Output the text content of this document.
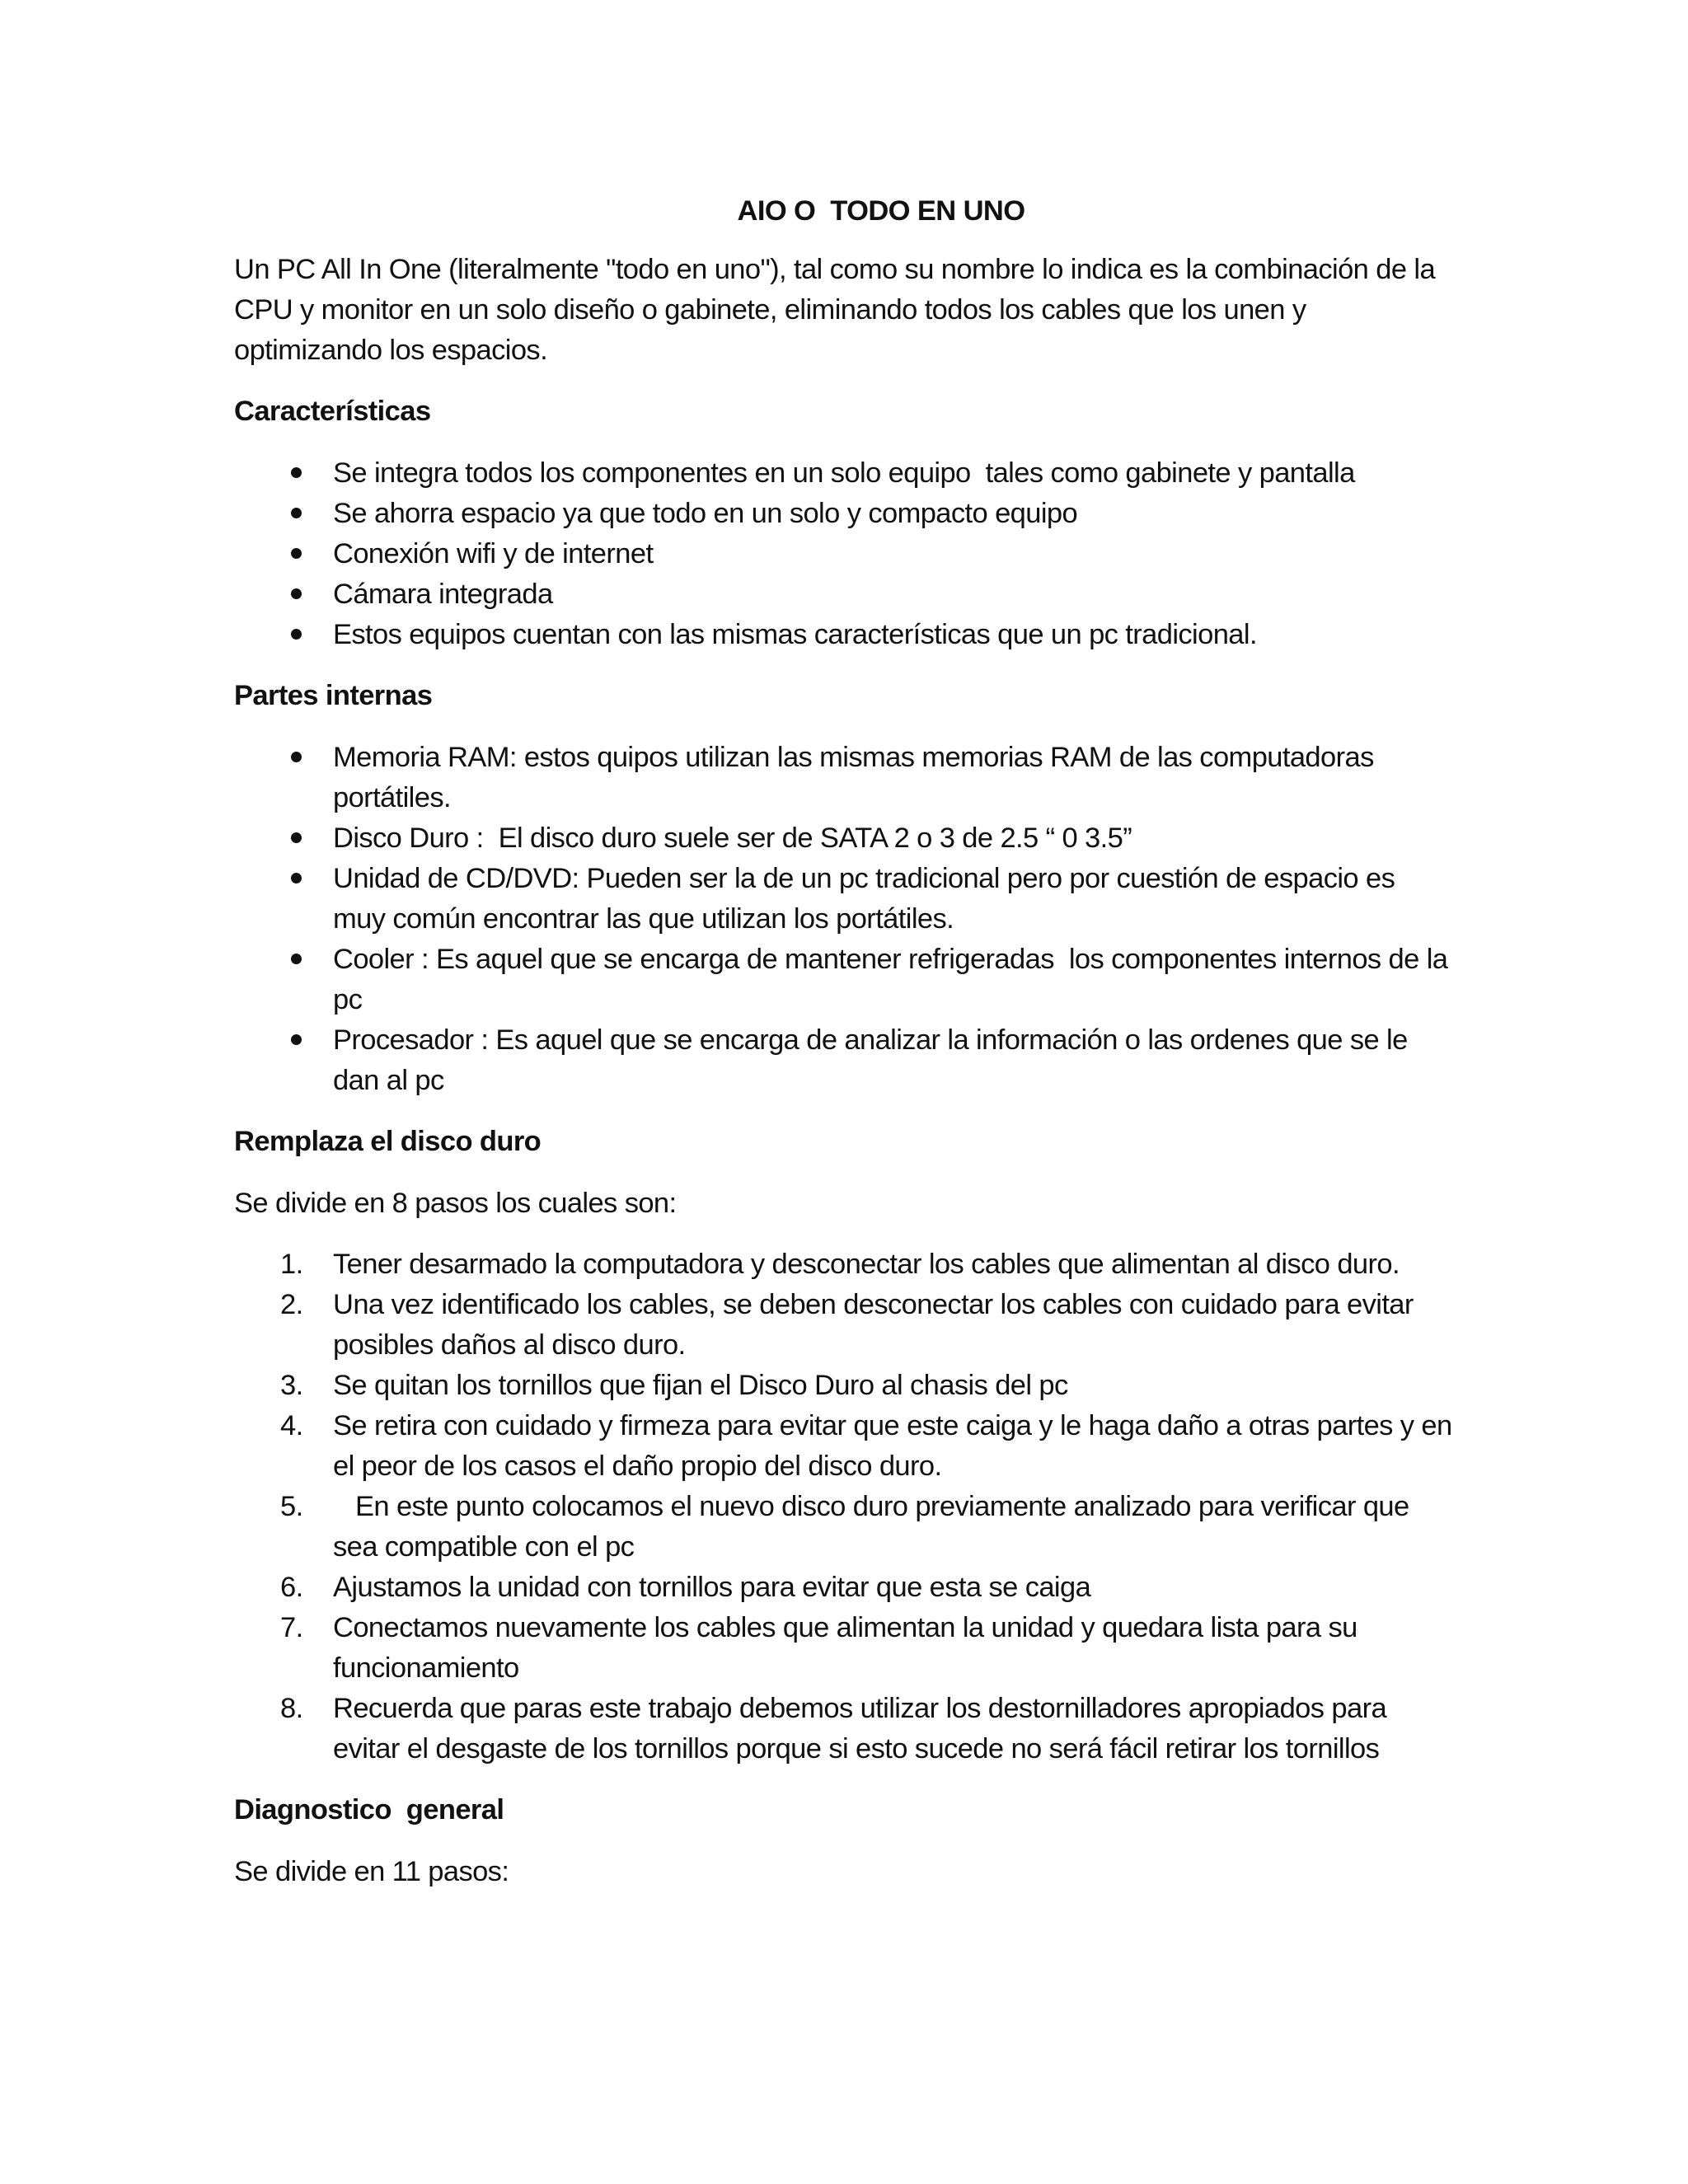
AIO O  TODO EN UNO

Un PC All In One (literalmente "todo en uno"), tal como su nombre lo indica es la combinación de la CPU y monitor en un solo diseño o gabinete, eliminando todos los cables que los unen y optimizando los espacios.

Características
Se integra todos los componentes en un solo equipo  tales como gabinete y pantalla
Se ahorra espacio ya que todo en un solo y compacto equipo
Conexión wifi y de internet
Cámara integrada
Estos equipos cuentan con las mismas características que un pc tradicional.
Partes internas
Memoria RAM: estos quipos utilizan las mismas memorias RAM de las computadoras portátiles.
Disco Duro :  El disco duro suele ser de SATA 2 o 3 de 2.5 “ 0 3.5”
Unidad de CD/DVD: Pueden ser la de un pc tradicional pero por cuestión de espacio es muy común encontrar las que utilizan los portátiles.
Cooler : Es aquel que se encarga de mantener refrigeradas  los componentes internos de la pc
Procesador : Es aquel que se encarga de analizar la información o las ordenes que se le dan al pc
Remplaza el disco duro

Se divide en 8 pasos los cuales son:

1.	Tener desarmado la computadora y desconectar los cables que alimentan al disco duro.
2.	Una vez identificado los cables, se deben desconectar los cables con cuidado para evitar posibles daños al disco duro.
3.	Se quitan los tornillos que fijan el Disco Duro al chasis del pc
4.	Se retira con cuidado y firmeza para evitar que este caiga y le haga daño a otras partes y en el peor de los casos el daño propio del disco duro.
5.	En este punto colocamos el nuevo disco duro previamente analizado para verificar que sea compatible con el pc
6.	Ajustamos la unidad con tornillos para evitar que esta se caiga
7.	Conectamos nuevamente los cables que alimentan la unidad y quedara lista para su funcionamiento
8.	Recuerda que paras este trabajo debemos utilizar los destornilladores apropiados para evitar el desgaste de los tornillos porque si esto sucede no será fácil retirar los tornillos
Diagnostico  general

Se divide en 11 pasos:
